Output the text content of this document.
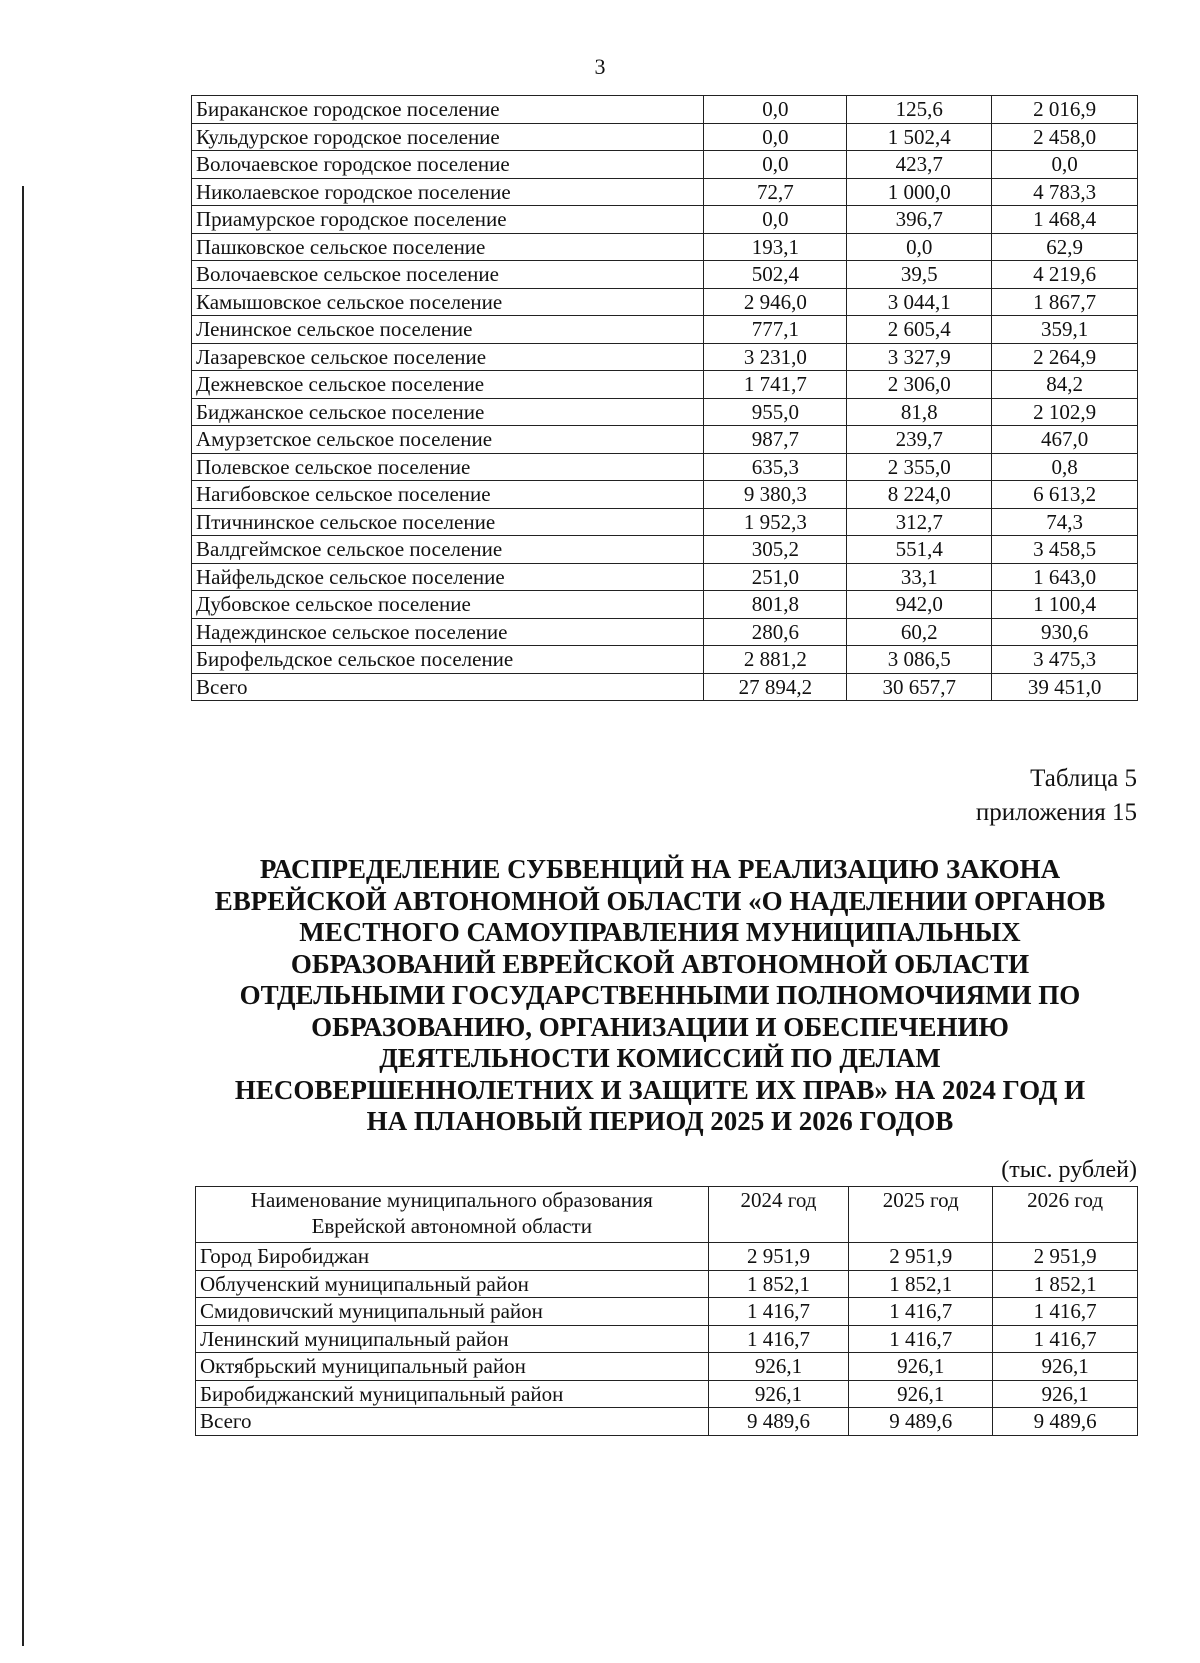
3
Бираканское городское поселение	0,0	125,6	2 016,9
Кульдурское городское поселение	0,0	1 502,4	2 458,0
Волочаевское городское поселение	0,0	423,7	0,0
Николаевское городское поселение	72,7	1 000,0	4 783,3
Приамурское городское поселение	0,0	396,7	1 468,4
Пашковское сельское поселение	193,1	0,0	62,9
Волочаевское сельское поселение	502,4	39,5	4 219,6
Камышовское сельское поселение	2 946,0	3 044,1	1 867,7
Ленинское сельское поселение	777,1	2 605,4	359,1
Лазаревское сельское поселение	3 231,0	3 327,9	2 264,9
Дежневское сельское поселение	1 741,7	2 306,0	84,2
Биджанское сельское поселение	955,0	81,8	2 102,9
Амурзетское сельское поселение	987,7	239,7	467,0
Полевское сельское поселение	635,3	2 355,0	0,8
Нагибовское сельское поселение	9 380,3	8 224,0	6 613,2
Птичнинское сельское поселение	1 952,3	312,7	74,3
Валдгеймское сельское поселение	305,2	551,4	3 458,5
Найфельдское сельское поселение	251,0	33,1	1 643,0
Дубовское сельское поселение	801,8	942,0	1 100,4
Надеждинское сельское поселение	280,6	60,2	930,6
Бирофельдское сельское поселение	2 881,2	3 086,5	3 475,3
Всего	27 894,2	30 657,7	39 451,0
Таблица 5
приложения 15
РАСПРЕДЕЛЕНИЕ СУБВЕНЦИЙ НА РЕАЛИЗАЦИЮ ЗАКОНА
ЕВРЕЙСКОЙ АВТОНОМНОЙ ОБЛАСТИ «О НАДЕЛЕНИИ ОРГАНОВ
МЕСТНОГО САМОУПРАВЛЕНИЯ МУНИЦИПАЛЬНЫХ
ОБРАЗОВАНИЙ ЕВРЕЙСКОЙ АВТОНОМНОЙ ОБЛАСТИ
ОТДЕЛЬНЫМИ ГОСУДАРСТВЕННЫМИ ПОЛНОМОЧИЯМИ ПО
ОБРАЗОВАНИЮ, ОРГАНИЗАЦИИ И ОБЕСПЕЧЕНИЮ
ДЕЯТЕЛЬНОСТИ КОМИССИЙ ПО ДЕЛАМ
НЕСОВЕРШЕННОЛЕТНИХ И ЗАЩИТЕ ИХ ПРАВ» НА 2024 ГОД И
НА ПЛАНОВЫЙ ПЕРИОД 2025 И 2026 ГОДОВ
(тыс. рублей)
Наименование муниципального образования
Еврейской автономной области	2024 год	2025 год	2026 год
Город Биробиджан	2 951,9	2 951,9	2 951,9
Облученский муниципальный район	1 852,1	1 852,1	1 852,1
Смидовичский муниципальный район	1 416,7	1 416,7	1 416,7
Ленинский муниципальный район	1 416,7	1 416,7	1 416,7
Октябрьский муниципальный район	926,1	926,1	926,1
Биробиджанский муниципальный район	926,1	926,1	926,1
Всего	9 489,6	9 489,6	9 489,6
